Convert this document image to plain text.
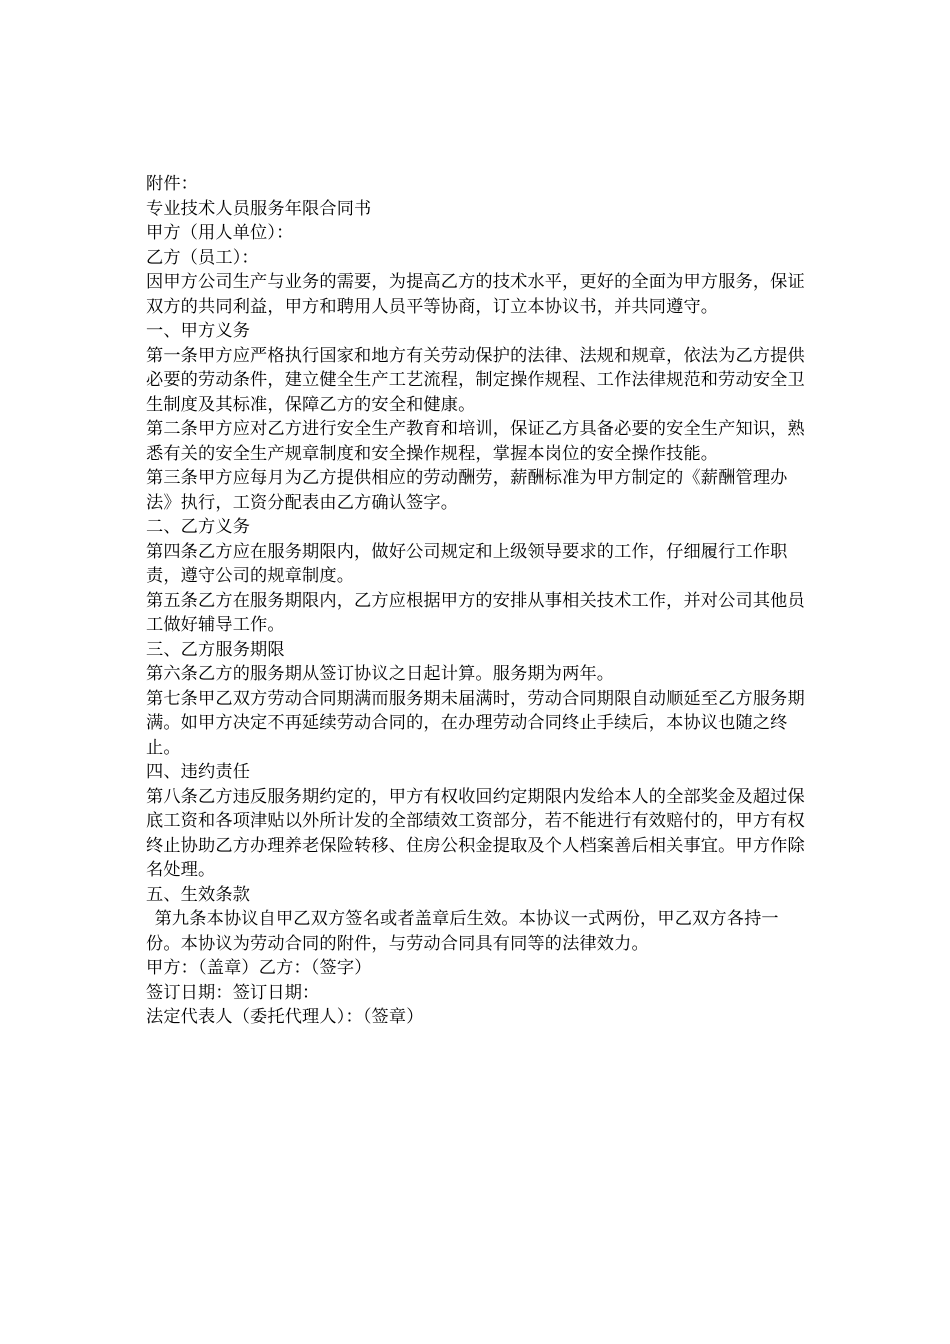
附件：

专业技术人员服务年限合同书

甲方（用人单位）：

乙方（员工）：

因甲方公司生产与业务的需要，为提高乙方的技术水平，更好的全面为甲方服务，保证双方的共同利益，甲方和聘用人员平等协商，订立本协议书，并共同遵守。

一、甲方义务

第一条甲方应严格执行国家和地方有关劳动保护的法律、法规和规章，依法为乙方提供必要的劳动条件，建立健全生产工艺流程，制定操作规程、工作法律规范和劳动安全卫生制度及其标准，保障乙方的安全和健康。

第二条甲方应对乙方进行安全生产教育和培训，保证乙方具备必要的安全生产知识，熟悉有关的安全生产规章制度和安全操作规程，掌握本岗位的安全操作技能。

第三条甲方应每月为乙方提供相应的劳动酬劳，薪酬标准为甲方制定的《薪酬管理办法》执行，工资分配表由乙方确认签字。

二、乙方义务

第四条乙方应在服务期限内，做好公司规定和上级领导要求的工作，仔细履行工作职责，遵守公司的规章制度。

第五条乙方在服务期限内，乙方应根据甲方的安排从事相关技术工作，并对公司其他员工做好辅导工作。

三、乙方服务期限

第六条乙方的服务期从签订协议之日起计算。服务期为两年。

第七条甲乙双方劳动合同期满而服务期未届满时，劳动合同期限自动顺延至乙方服务期满。如甲方决定不再延续劳动合同的，在办理劳动合同终止手续后，本协议也随之终止。

四、违约责任

第八条乙方违反服务期约定的，甲方有权收回约定期限内发给本人的全部奖金及超过保底工资和各项津贴以外所计发的全部绩效工资部分，若不能进行有效赔付的，甲方有权终止协助乙方办理养老保险转移、住房公积金提取及个人档案善后相关事宜。甲方作除名处理。

五、生效条款

第九条本协议自甲乙双方签名或者盖章后生效。本协议一式两份，甲乙双方各持一份。本协议为劳动合同的附件，与劳动合同具有同等的法律效力。

甲方：（盖章）乙方：（签字）

签订日期：签订日期：

法定代表人（委托代理人）：（签章）
